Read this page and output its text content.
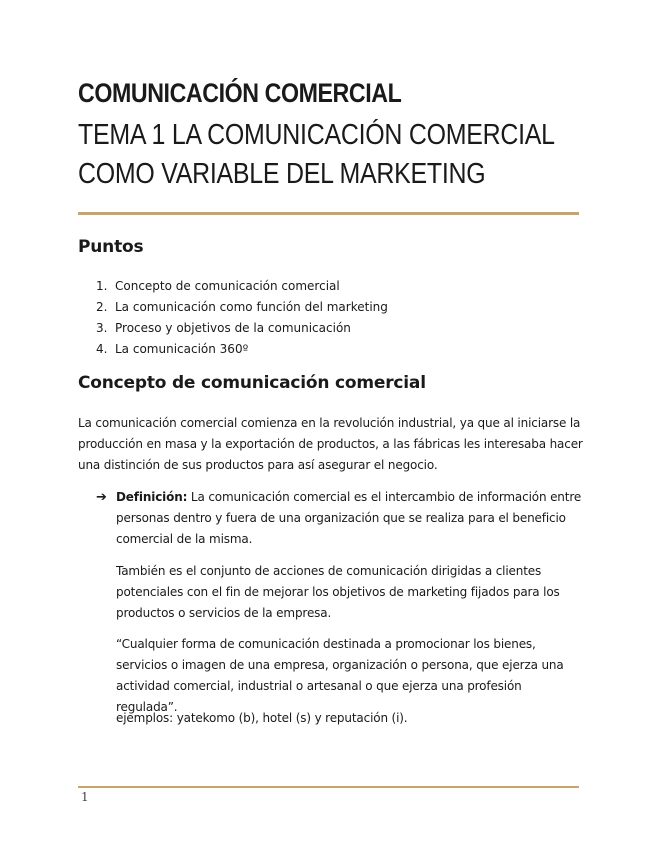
COMUNICACIÓN COMERCIAL
TEMA 1 LA COMUNICACIÓN COMERCIAL COMO VARIABLE DEL MARKETING
Puntos
1. Concepto de comunicación comercial
2. La comunicación como función del marketing
3. Proceso y objetivos de la comunicación
4. La comunicación 360º
Concepto de comunicación comercial

La comunicación comercial comienza en la revolución industrial, ya que al iniciarse la producción en masa y la exportación de productos, a las fábricas les interesaba hacer una distinción de sus productos para así asegurar el negocio.

➔ Definición: La comunicación comercial es el intercambio de información entre personas dentro y fuera de una organización que se realiza para el beneficio comercial de la misma.

También es el conjunto de acciones de comunicación dirigidas a clientes potenciales con el fin de mejorar los objetivos de marketing fijados para los productos o servicios de la empresa.

“Cualquier forma de comunicación destinada a promocionar los bienes, servicios o imagen de una empresa, organización o persona, que ejerza una actividad comercial, industrial o artesanal o que ejerza una profesión regulada”.

ejemplos: yatekomo (b), hotel (s) y reputación (i).

1
